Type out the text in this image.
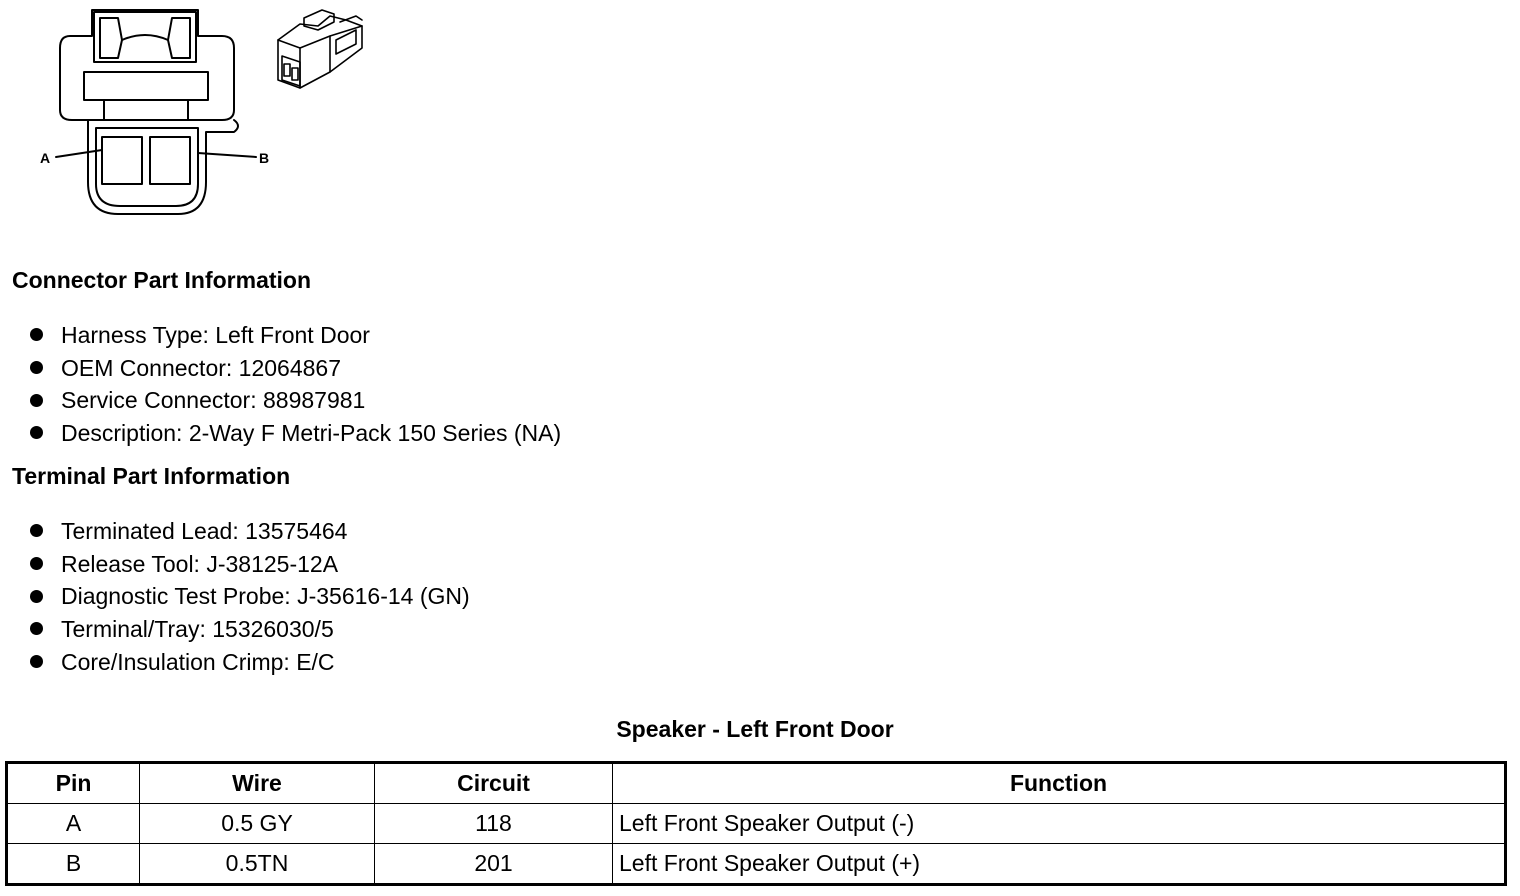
A	B
Connector Part Information
Harness Type: Left Front Door
OEM Connector: 12064867
Service Connector: 88987981
Description: 2-Way F Metri-Pack 150 Series (NA)
Terminal Part Information
Terminated Lead: 13575464
Release Tool: J-38125-12A
Diagnostic Test Probe: J-35616-14 (GN)
Terminal/Tray: 15326030/5
Core/Insulation Crimp: E/C
Speaker - Left Front Door
Pin	Wire	Circuit	Function
A	0.5 GY	118	Left Front Speaker Output (-)
B	0.5TN	201	Left Front Speaker Output (+)
